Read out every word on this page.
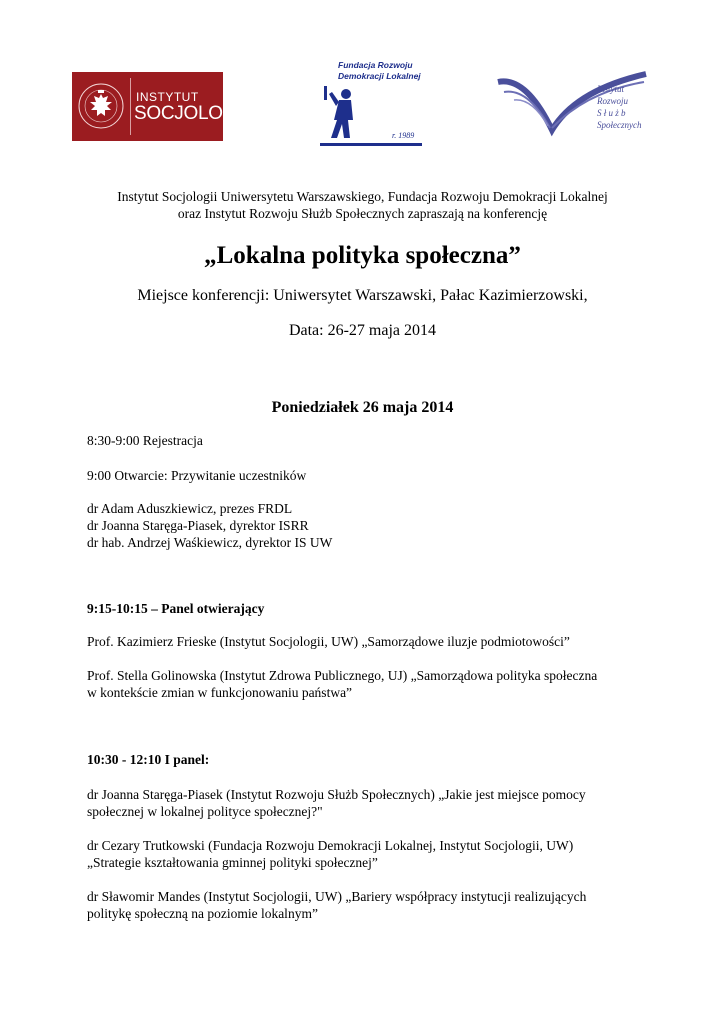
INSTYTUT
SOCJOLOGII
Fundacja Rozwoju
Demokracji Lokalnej
r. 1989
Instytut
Rozwoju
S ł u ż b
Społecznych
Instytut Socjologii Uniwersytetu Warszawskiego, Fundacja Rozwoju Demokracji Lokalnej
oraz Instytut Rozwoju Służb Społecznych zapraszają na konferencję
„Lokalna polityka społeczna”
Miejsce konferencji: Uniwersytet Warszawski, Pałac Kazimierzowski,
Data: 26-27 maja 2014
Poniedziałek 26 maja 2014
8:30-9:00 Rejestracja
9:00 Otwarcie: Przywitanie uczestników
dr Adam Aduszkiewicz, prezes FRDL
dr Joanna Staręga-Piasek, dyrektor ISRR
dr hab. Andrzej Waśkiewicz, dyrektor IS UW
9:15-10:15 – Panel otwierający
Prof. Kazimierz Frieske (Instytut Socjologii, UW) „Samorządowe iluzje podmiotowości”
Prof. Stella Golinowska (Instytut Zdrowa Publicznego, UJ) „Samorządowa polityka społeczna
w kontekście zmian w funkcjonowaniu państwa”
10:30 - 12:10 I panel:
dr Joanna Staręga-Piasek (Instytut Rozwoju Służb Społecznych) „Jakie jest miejsce pomocy
społecznej w lokalnej polityce społecznej?"
dr Cezary Trutkowski (Fundacja Rozwoju Demokracji Lokalnej, Instytut Socjologii, UW)
„Strategie kształtowania gminnej polityki społecznej”
dr Sławomir Mandes (Instytut Socjologii, UW) „Bariery współpracy instytucji realizujących
politykę społeczną na poziomie lokalnym”
